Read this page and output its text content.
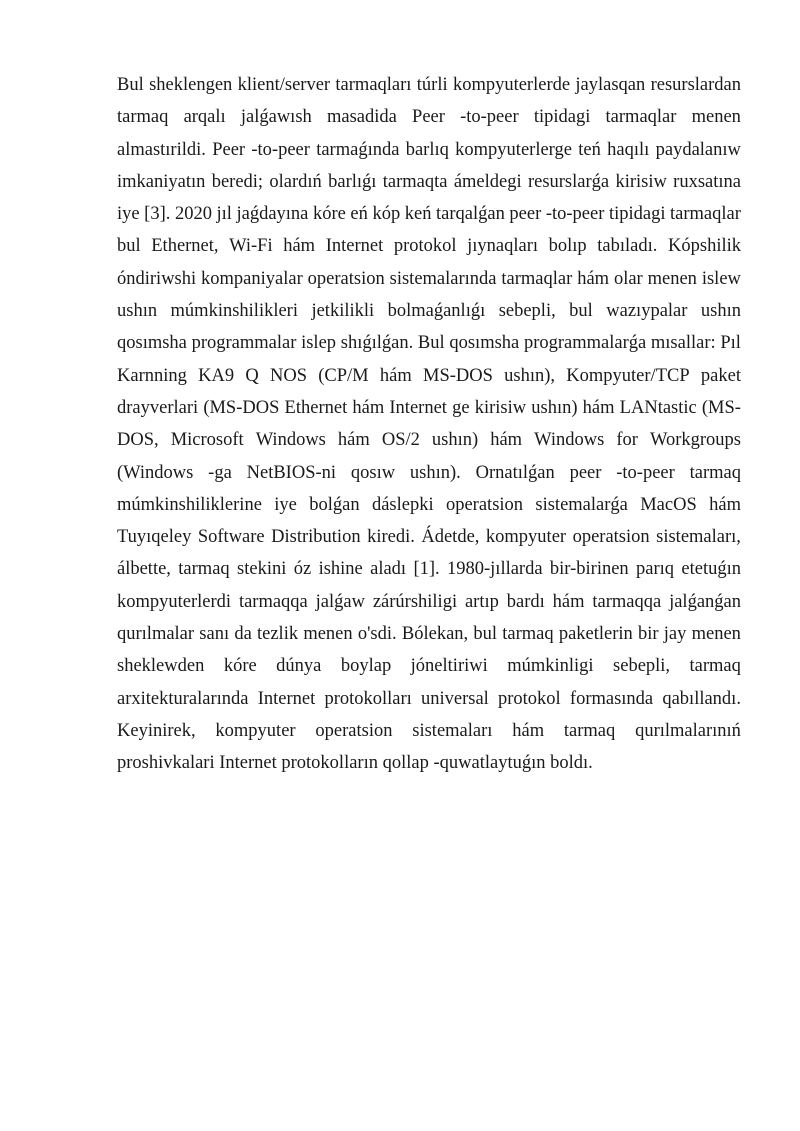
Bul sheklengen klient/server tarmaqları túrli kompyuterlerde jaylasqan resurslardan
tarmaq arqalı jalǵawısh masadida Peer -to-peer tipidagi tarmaqlar menen
almastırildi. Peer -to-peer tarmaǵında barlıq kompyuterlerge teń haqılı paydalanıw
imkaniyatın beredi; olardıń barlıǵı tarmaqta ámeldegi resurslarǵa kirisiw ruxsatına
iye [3]. 2020 jıl jaǵdayına kóre eń kóp keń tarqalǵan peer -to-peer tipidagi tarmaqlar
bul Ethernet, Wi-Fi hám Internet protokol jıynaqları bolıp tabıladı. Kópshilik
óndiriwshi kompaniyalar operatsion sistemalarında tarmaqlar hám olar menen islew
ushın múmkinshilikleri jetkilikli bolmaǵanlıǵı sebepli, bul wazıypalar ushın
qosımsha programmalar islep shıǵılǵan. Bul qosımsha programmalarǵa mısallar: Pıl
Karnning KA9 Q NOS (CP/M hám MS-DOS ushın), Kompyuter/TCP paket
drayverlari (MS-DOS Ethernet hám Internet ge kirisiw ushın) hám LANtastic (MS-
DOS, Microsoft Windows hám OS/2 ushın) hám Windows for Workgroups
(Windows -ga NetBIOS-ni qosıw ushın). Ornatılǵan peer -to-peer tarmaq
múmkinshiliklerine iye bolǵan dáslepki operatsion sistemalarǵa MacOS hám
Tuyıqeley Software Distribution kiredi. Ádetde, kompyuter operatsion sistemaları,
álbette, tarmaq stekini óz ishine aladı [1]. 1980-jıllarda bir-birinen parıq etetuǵın
kompyuterlerdi tarmaqqa jalǵaw zárúrshiligi artıp bardı hám tarmaqqa jalǵanǵan
qurılmalar sanı da tezlik menen o'sdi. Bólekan, bul tarmaq paketlerin bir jay menen
sheklewden kóre dúnya boylap jóneltiriwi múmkinligi sebepli, tarmaq
arxitekturalarında Internet protokolları universal protokol formasında qabıllandı.
Keyinirek, kompyuter operatsion sistemaları hám tarmaq qurılmalarınıń
proshivkalari Internet protokolların qollap -quwatlaytuǵın boldı.
